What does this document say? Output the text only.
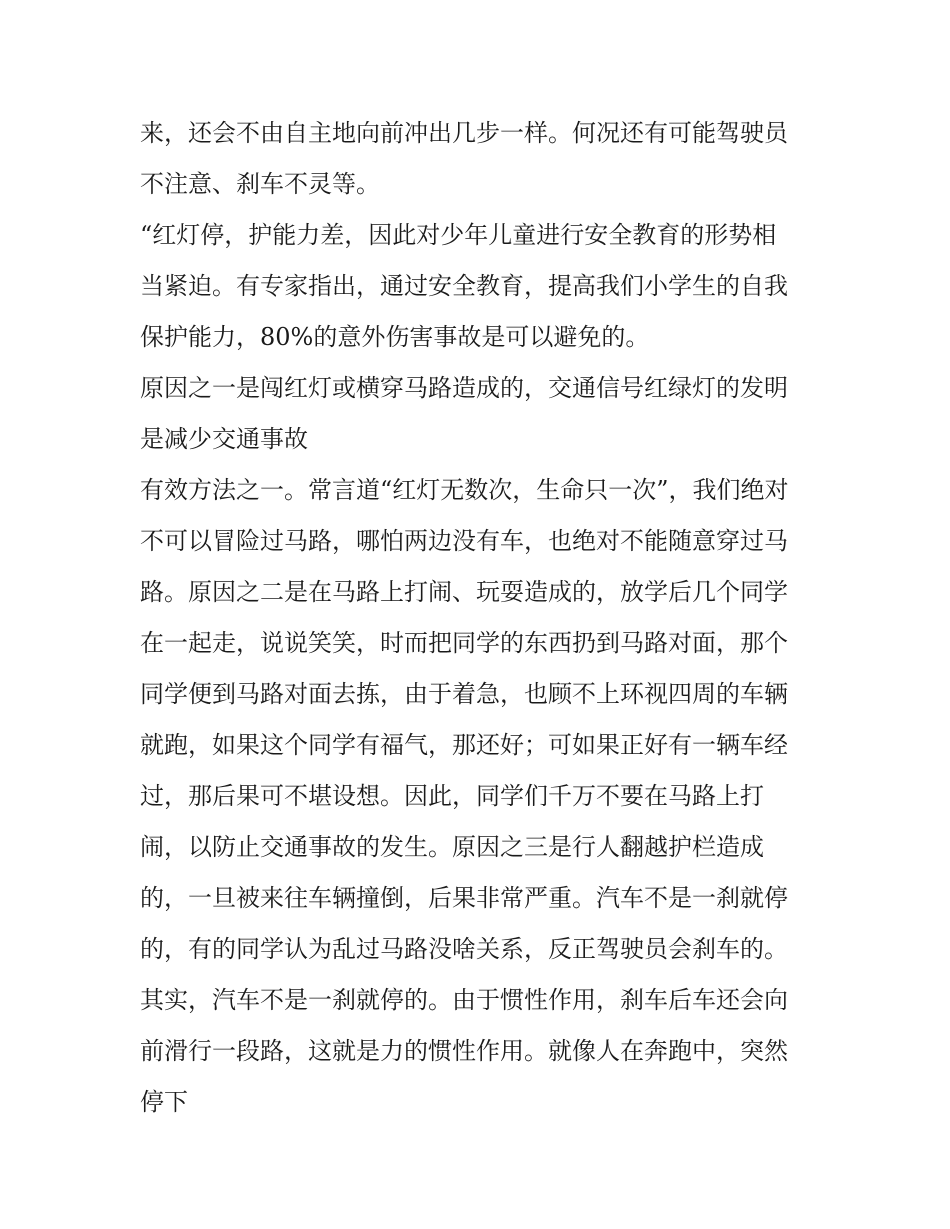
来，还会不由自主地向前冲出几步一样。何况还有可能驾驶员
不注意、刹车不灵等。
“红灯停，护能力差，因此对少年儿童进行安全教育的形势相
当紧迫。有专家指出，通过安全教育，提高我们小学生的自我
保护能力，80%的意外伤害事故是可以避免的。
原因之一是闯红灯或横穿马路造成的，交通信号红绿灯的发明
是减少交通事故
有效方法之一。常言道“红灯无数次，生命只一次”，我们绝对
不可以冒险过马路，哪怕两边没有车，也绝对不能随意穿过马
路。原因之二是在马路上打闹、玩耍造成的，放学后几个同学
在一起走，说说笑笑，时而把同学的东西扔到马路对面，那个
同学便到马路对面去拣，由于着急，也顾不上环视四周的车辆
就跑，如果这个同学有福气，那还好；可如果正好有一辆车经
过，那后果可不堪设想。因此，同学们千万不要在马路上打
闹，以防止交通事故的发生。原因之三是行人翻越护栏造成
的，一旦被来往车辆撞倒，后果非常严重。汽车不是一刹就停
的，有的同学认为乱过马路没啥关系，反正驾驶员会刹车的。
其实，汽车不是一刹就停的。由于惯性作用，刹车后车还会向
前滑行一段路，这就是力的惯性作用。就像人在奔跑中，突然
停下
